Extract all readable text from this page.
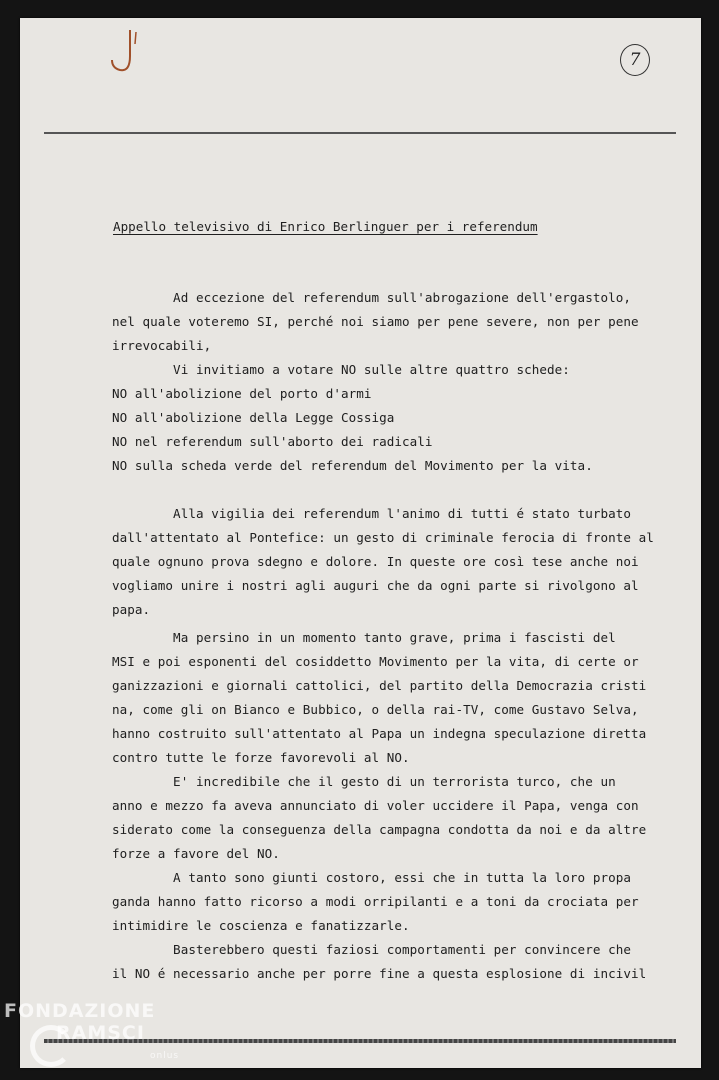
7
Appello televisivo di Enrico Berlinguer per i referendum
Ad eccezione del referendum sull'abrogazione dell'ergastolo,
nel quale voteremo SI, perché noi siamo per pene severe, non per pene
irrevocabili,
Vi invitiamo a votare NO sulle altre quattro schede:
NO all'abolizione del porto d'armi
NO all'abolizione della Legge Cossiga
NO nel referendum sull'aborto dei radicali
NO sulla scheda verde del referendum del Movimento per la vita.
Alla vigilia dei referendum l'animo di tutti é stato turbato
dall'attentato al Pontefice: un gesto di criminale ferocia di fronte al
quale ognuno prova sdegno e dolore. In queste ore così tese anche noi
vogliamo unire i nostri agli auguri che da ogni parte si rivolgono al
papa.
Ma persino in un momento tanto grave, prima i fascisti del
MSI e poi esponenti del cosiddetto Movimento per la vita, di certe or
ganizzazioni e giornali cattolici, del partito della Democrazia cristi
na, come gli on Bianco e Bubbico, o della rai-TV, come Gustavo Selva,
hanno costruito sull'attentato al Papa un indegna speculazione diretta
contro tutte le forze favorevoli al NO.
E' incredibile che il gesto di un terrorista turco, che un
anno e mezzo fa aveva annunciato di voler uccidere il Papa, venga con
siderato come la conseguenza della campagna condotta da noi e da altre
forze a favore del NO.
A tanto sono giunti costoro, essi che in tutta la loro propa
ganda hanno fatto ricorso a modi orripilanti e a toni da crociata per
intimidire le coscienza e fanatizzarle.
Basterebbero questi faziosi comportamenti per convincere che
il NO é necessario anche per porre fine a questa esplosione di incivil
FONDAZIONE
RAMSCI
onlus
